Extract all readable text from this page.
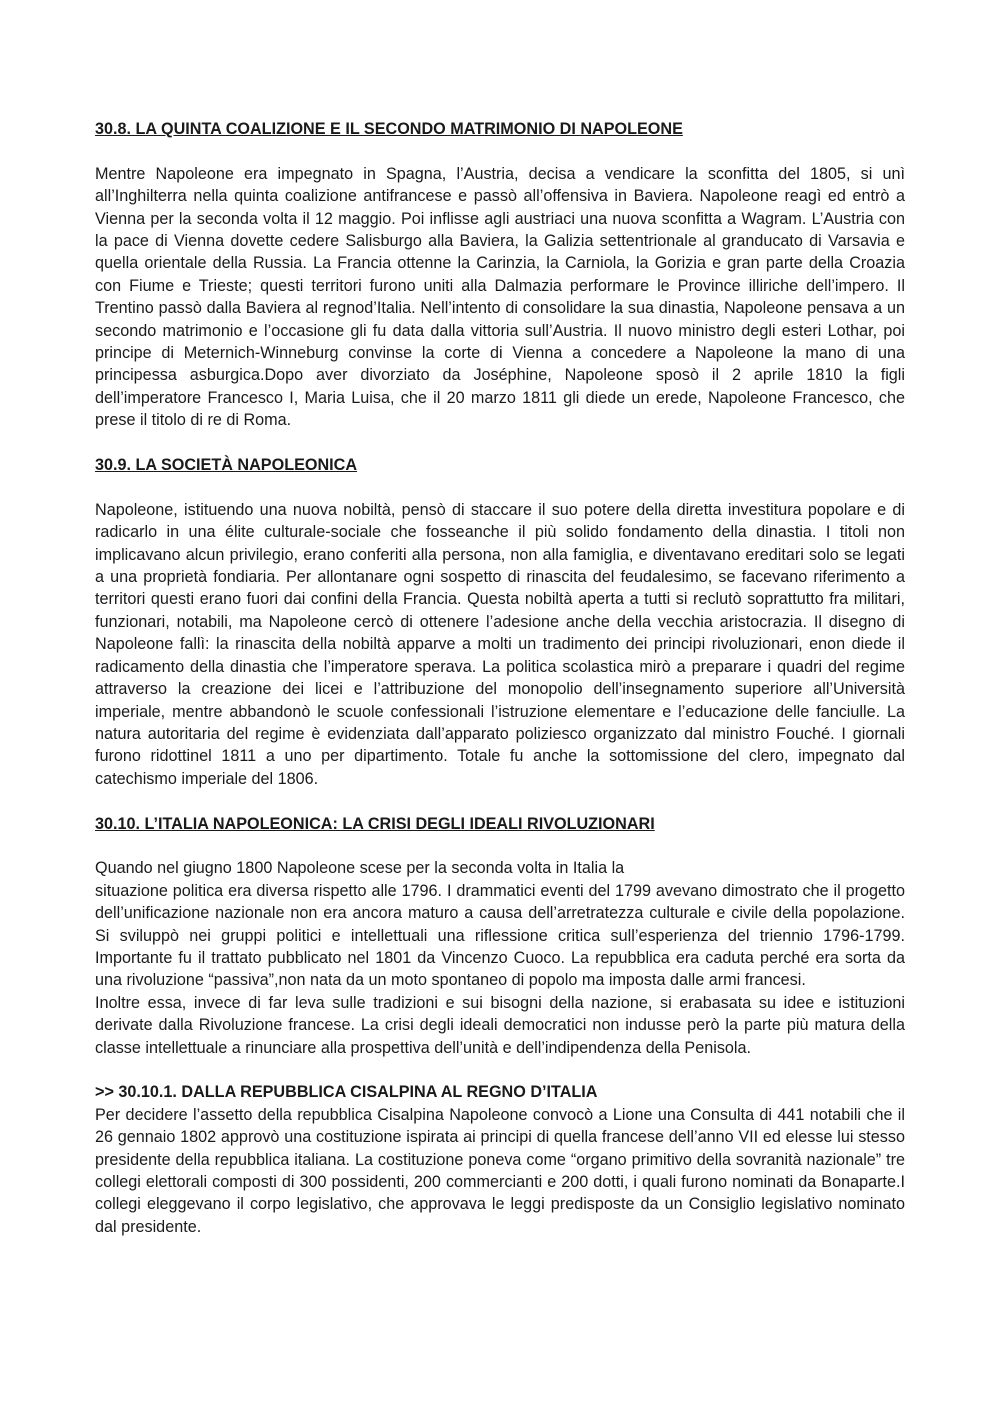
30.8. LA QUINTA COALIZIONE E IL SECONDO MATRIMONIO DI NAPOLEONE

Mentre Napoleone era impegnato in Spagna, l’Austria, decisa a vendicare la sconfitta del 1805, si unì all’Inghilterra nella quinta coalizione antifrancese e passò all’offensiva in Baviera. Napoleone reagì ed entrò a Vienna per la seconda volta il 12 maggio. Poi inflisse agli austriaci una nuova sconfitta a Wagram. L’Austria con la pace di Vienna dovette cedere Salisburgo alla Baviera, la Galizia settentrionale al granducato di Varsavia e quella orientale della Russia. La Francia ottenne la Carinzia, la Carniola, la Gorizia e gran parte della Croazia con Fiume e Trieste; questi territori furono uniti alla Dalmazia performare le Province illiriche dell’impero. Il Trentino passò dalla Baviera al regnod’Italia. Nell’intento di consolidare la sua dinastia, Napoleone pensava a un secondo matrimonio e l’occasione gli fu data dalla vittoria sull’Austria. Il nuovo ministro degli esteri Lothar, poi principe di Meternich-Winneburg convinse la corte di Vienna a concedere a Napoleone la mano di una principessa asburgica.Dopo aver divorziato da Joséphine, Napoleone sposò il 2 aprile 1810 la figli dell’imperatore Francesco I, Maria Luisa, che il 20 marzo 1811 gli diede un erede, Napoleone Francesco, che prese il titolo di re di Roma.

30.9. LA SOCIETÀ NAPOLEONICA

Napoleone, istituendo una nuova nobiltà, pensò di staccare il suo potere della diretta investitura popolare e di radicarlo in una élite culturale-sociale che fosseanche il più solido fondamento della dinastia. I titoli non implicavano alcun privilegio, erano conferiti alla persona, non alla famiglia, e diventavano ereditari solo se legati a una proprietà fondiaria. Per allontanare ogni sospetto di rinascita del feudalesimo, se facevano riferimento a territori questi erano fuori dai confini della Francia. Questa nobiltà aperta a tutti si reclutò soprattutto fra militari, funzionari, notabili, ma Napoleone cercò di ottenere l’adesione anche della vecchia aristocrazia. Il disegno di Napoleone fallì: la rinascita della nobiltà apparve a molti un tradimento dei principi rivoluzionari, enon diede il radicamento della dinastia che l’imperatore sperava. La politica scolastica mirò a preparare i quadri del regime attraverso la creazione dei licei e l’attribuzione del monopolio dell’insegnamento superiore all’Università imperiale, mentre abbandonò le scuole confessionali l’istruzione elementare e l’educazione delle fanciulle. La natura autoritaria del regime è evidenziata dall’apparato poliziesco organizzato dal ministro Fouché. I giornali furono ridottinel 1811 a uno per dipartimento. Totale fu anche la sottomissione del clero, impegnato dal catechismo imperiale del 1806.

30.10. L’ITALIA NAPOLEONICA: LA CRISI DEGLI IDEALI RIVOLUZIONARI

Quando nel giugno 1800 Napoleone scese per la seconda volta in Italia la

situazione politica era diversa rispetto alle 1796. I drammatici eventi del 1799 avevano dimostrato che il progetto dell’unificazione nazionale non era ancora maturo a causa dell’arretratezza culturale e civile della popolazione. Si sviluppò nei gruppi politici e intellettuali una riflessione critica sull’esperienza del triennio 1796-1799. Importante fu il trattato pubblicato nel 1801 da Vincenzo Cuoco. La repubblica era caduta perché era sorta da una rivoluzione “passiva”,non nata da un moto spontaneo di popolo ma imposta dalle armi francesi.

Inoltre essa, invece di far leva sulle tradizioni e sui bisogni della nazione, si erabasata su idee e istituzioni derivate dalla Rivoluzione francese. La crisi degli ideali democratici non indusse però la parte più matura della classe intellettuale a rinunciare alla prospettiva dell’unità e dell’indipendenza della Penisola.

>> 30.10.1. DALLA REPUBBLICA CISALPINA AL REGNO D’ITALIA

Per decidere l’assetto della repubblica Cisalpina Napoleone convocò a Lione una Consulta di 441 notabili che il 26 gennaio 1802 approvò una costituzione ispirata ai principi di quella francese dell’anno VII ed elesse lui stesso presidente della repubblica italiana. La costituzione poneva come “organo primitivo della sovranità nazionale” tre collegi elettorali composti di 300 possidenti, 200 commercianti e 200 dotti, i quali furono nominati da Bonaparte.I collegi eleggevano il corpo legislativo, che approvava le leggi predisposte da un Consiglio legislativo nominato dal presidente.
